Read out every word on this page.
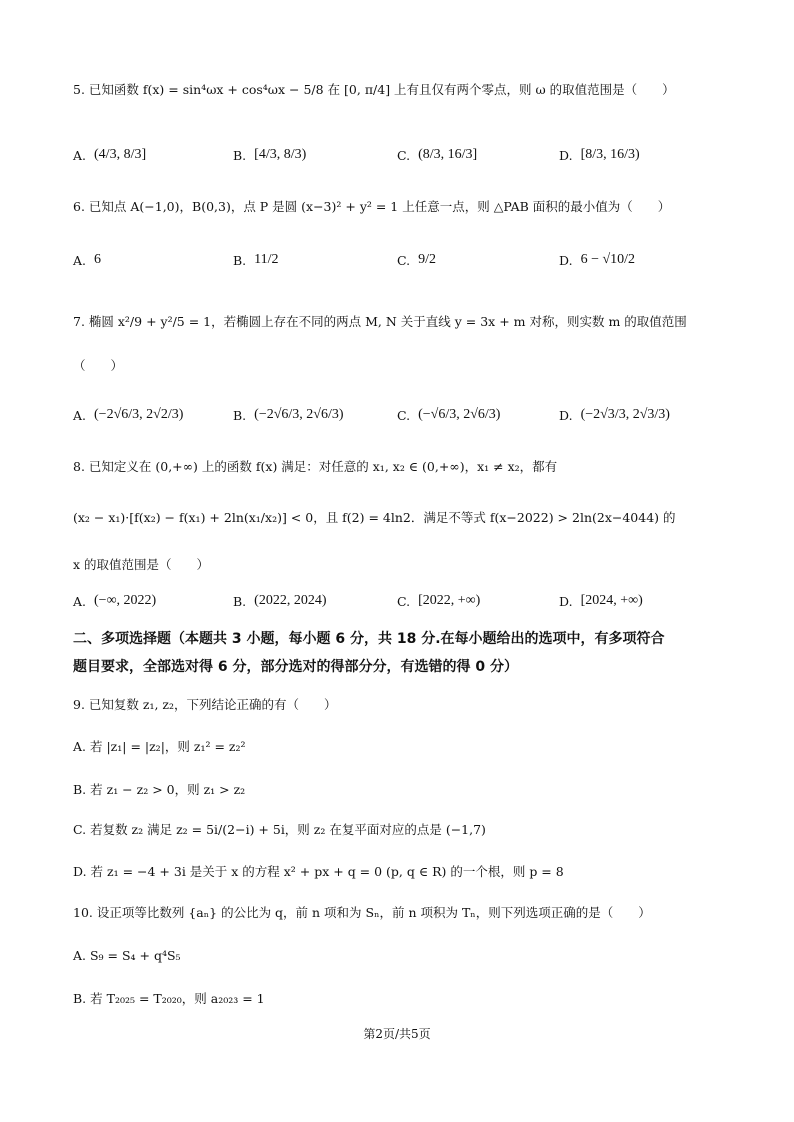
5. 已知函数 f(x) = sin⁴ωx + cos⁴ωx − 5/8 在 [0, π/4] 上有且仅有两个零点，则 ω 的取值范围是（　　）
A. (4/3, 8/3]	B. [4/3, 8/3)	C. (8/3, 16/3]	D. [8/3, 16/3)
6. 已知点 A(−1,0)，B(0,3)，点 P 是圆 (x−3)² + y² = 1 上任意一点，则 △PAB 面积的最小值为（　　）
A. 6	B. 11/2	C. 9/2	D. 6 − √10/2
7. 椭圆 x²/9 + y²/5 = 1，若椭圆上存在不同的两点 M, N 关于直线 y = 3x + m 对称，则实数 m 的取值范围
（　　）
A. (−2√6/3, 2√2/3)	B. (−2√6/3, 2√6/3)	C. (−√6/3, 2√6/3)	D. (−2√3/3, 2√3/3)
8. 已知定义在 (0,+∞) 上的函数 f(x) 满足：对任意的 x₁, x₂ ∈ (0,+∞)，x₁ ≠ x₂，都有
(x₂ − x₁)·[f(x₂) − f(x₁) + 2ln(x₁/x₂)] < 0，且 f(2) = 4ln2．满足不等式 f(x−2022) > 2ln(2x−4044) 的
x 的取值范围是（　　）
A. (−∞, 2022)	B. (2022, 2024)	C. [2022, +∞)	D. [2024, +∞)
二、多项选择题（本题共 3 小题，每小题 6 分，共 18 分.在每小题给出的选项中，有多项符合
题目要求，全部选对得 6 分，部分选对的得部分分，有选错的得 0 分）
9. 已知复数 z₁, z₂，下列结论正确的有（　　）
A. 若 |z₁| = |z₂|，则 z₁² = z₂²
B. 若 z₁ − z₂ > 0，则 z₁ > z₂
C. 若复数 z₂ 满足 z₂ = 5i/(2−i) + 5i，则 z₂ 在复平面对应的点是 (−1,7)
D. 若 z₁ = −4 + 3i 是关于 x 的方程 x² + px + q = 0 (p, q ∈ R) 的一个根，则 p = 8
10. 设正项等比数列 {aₙ} 的公比为 q，前 n 项和为 Sₙ，前 n 项积为 Tₙ，则下列选项正确的是（　　）
A. S₉ = S₄ + q⁴S₅
B. 若 T₂₀₂₅ = T₂₀₂₀，则 a₂₀₂₃ = 1
第2页/共5页
